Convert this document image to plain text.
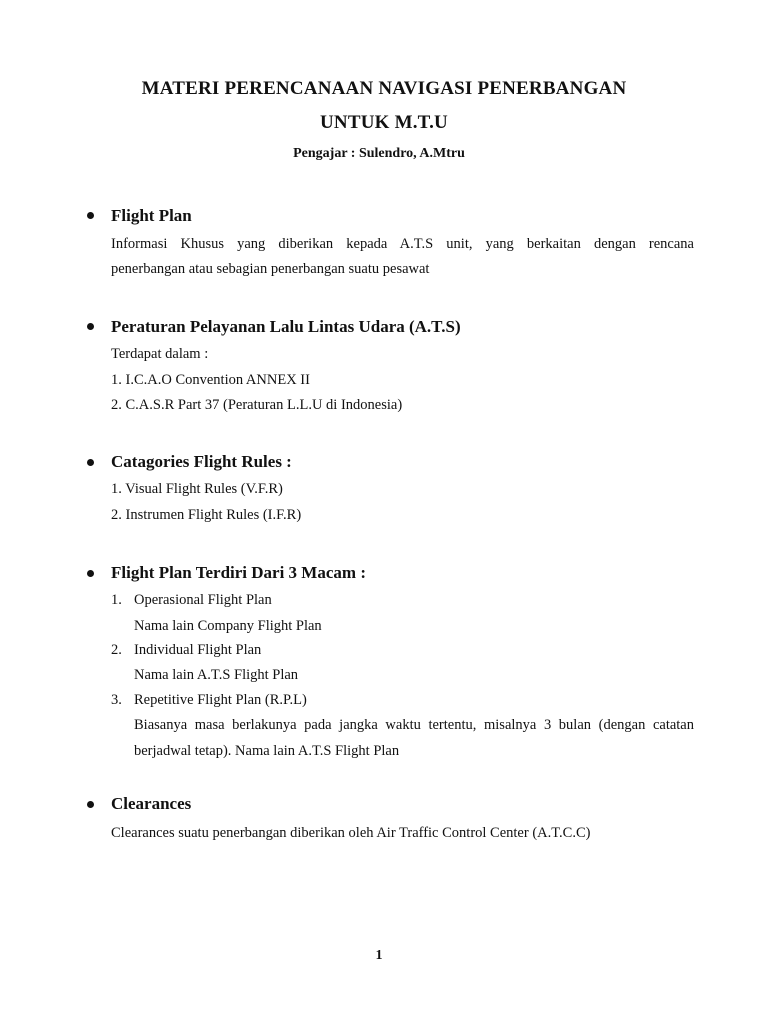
MATERI PERENCANAAN NAVIGASI PENERBANGAN
UNTUK M.T.U
Pengajar : Sulendro, A.Mtru
Flight Plan
Informasi Khusus yang diberikan kepada A.T.S unit, yang berkaitan dengan rencana
penerbangan atau sebagian penerbangan suatu pesawat
Peraturan Pelayanan Lalu Lintas Udara (A.T.S)
Terdapat dalam :
1. I.C.A.O Convention ANNEX II
2. C.A.S.R Part 37 (Peraturan L.L.U di Indonesia)
Catagories Flight Rules :
1. Visual Flight Rules (V.F.R)
2. Instrumen Flight Rules (I.F.R)
Flight Plan Terdiri Dari 3 Macam :
1. Operasional Flight Plan
Nama lain Company Flight Plan
2. Individual Flight Plan
Nama lain A.T.S Flight Plan
3. Repetitive Flight Plan (R.P.L)
Biasanya masa berlakunya pada jangka waktu tertentu, misalnya 3 bulan (dengan catatan
berjadwal tetap). Nama lain A.T.S Flight Plan
Clearances
Clearances suatu penerbangan diberikan oleh Air Traffic Control Center (A.T.C.C)
1
